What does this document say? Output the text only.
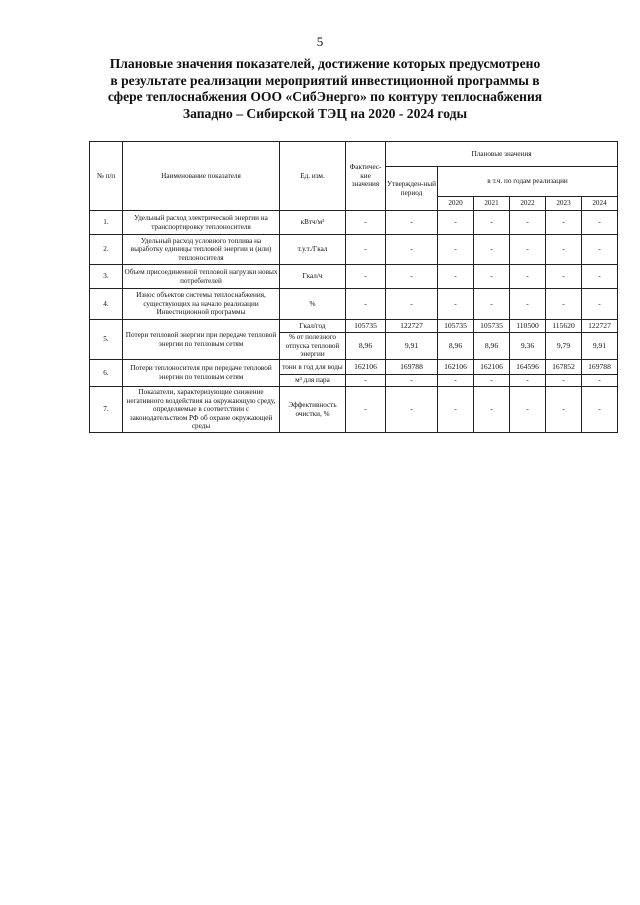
5
Плановые значения показателей, достижение которых предусмотрено
в результате реализации мероприятий инвестиционной программы в
сфере теплоснабжения ООО «СибЭнерго» по контуру теплоснабжения
Западно – Сибирской ТЭЦ на 2020 - 2024 годы
№ п/п	Наименование показателя	Ед. изм.	Фактичес-кие значения	Плановые значения					
				Утвержден-ный период	в т.ч. по годам реализации				
					2020	2021	2022	2023	2024
1.	Удельный расход электрической энергии на транспортировку теплоносителя	кВтч/м³	-	-	-	-	-	-	-
2.	Удельный расход условного топлива на выработку единицы тепловой энергии и (или) теплоносителя	т.у.т./Гкал	-	-	-	-	-	-	-
3.	Объем присоединенной тепловой нагрузки новых потребителей	Гкал/ч	-	-	-	-	-	-	-
4.	Износ объектов системы теплоснабжения, существующих на начало реализации Инвестиционной программы	%	-	-	-	-	-	-	-
5.	Потери тепловой энергии при передаче тепловой энергии по тепловым сетям	Гкал/год	105735	122727	105735	105735	110500	115620	122727
		% от полезного отпуска тепловой энергии	8,96	9,91	8,96	8,96	9,36	9,79	9,91
6.	Потери теплоносителя при передаче тепловой энергии по тепловым сетям	тонн в год для воды	162106	169788	162106	162106	164596	167852	169788
		м³ для пара	-	-	-	-	-	-	-
7.	Показатели, характеризующие снижение негативного воздействия на окружающую среду, определяемые в соответствии с законодательством РФ об охране окружающей среды	Эффективность очистки, %	-	-	-	-	-	-	-
